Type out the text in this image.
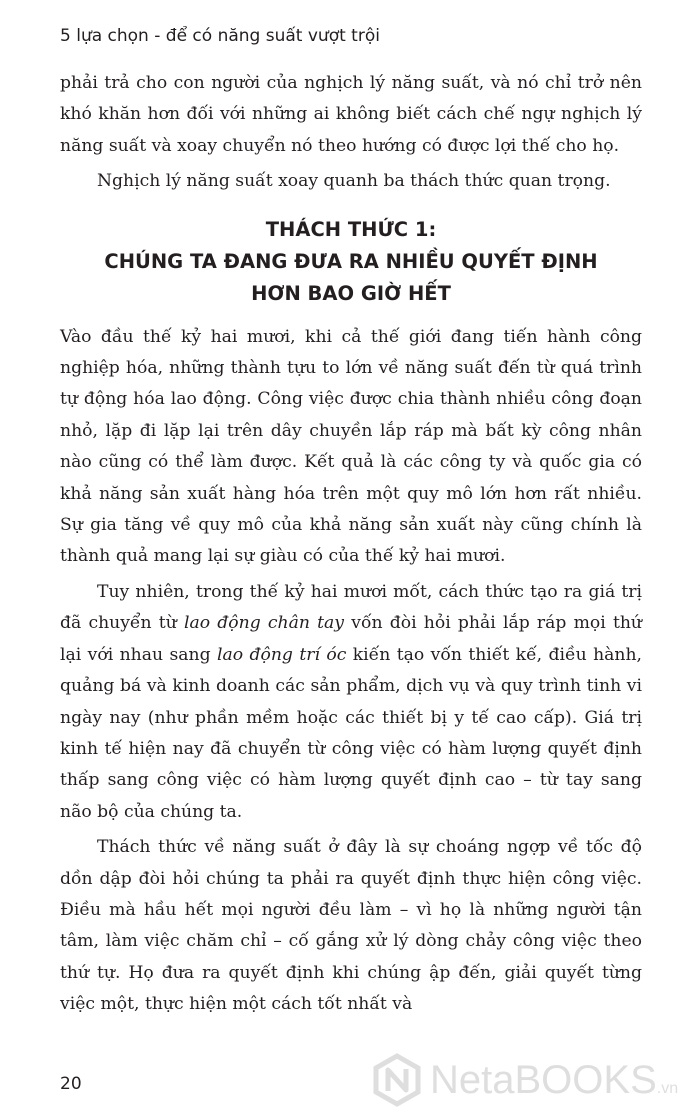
5 lựa chọn - để có năng suất vượt trội

phải trả cho con người của nghịch lý năng suất, và nó chỉ trở nên khó khăn hơn đối với những ai không biết cách chế ngự nghịch lý năng suất và xoay chuyển nó theo hướng có được lợi thế cho họ.

Nghịch lý năng suất xoay quanh ba thách thức quan trọng.

THÁCH THỨC 1:
CHÚNG TA ĐANG ĐƯA RA NHIỀU QUYẾT ĐỊNH
HƠN BAO GIỜ HẾT

Vào đầu thế kỷ hai mươi, khi cả thế giới đang tiến hành công nghiệp hóa, những thành tựu to lớn về năng suất đến từ quá trình tự động hóa lao động. Công việc được chia thành nhiều công đoạn nhỏ, lặp đi lặp lại trên dây chuyền lắp ráp mà bất kỳ công nhân nào cũng có thể làm được. Kết quả là các công ty và quốc gia có khả năng sản xuất hàng hóa trên một quy mô lớn hơn rất nhiều. Sự gia tăng về quy mô của khả năng sản xuất này cũng chính là thành quả mang lại sự giàu có của thế kỷ hai mươi.

Tuy nhiên, trong thế kỷ hai mươi mốt, cách thức tạo ra giá trị đã chuyển từ lao động chân tay vốn đòi hỏi phải lắp ráp mọi thứ lại với nhau sang lao động trí óc kiến tạo vốn thiết kế, điều hành, quảng bá và kinh doanh các sản phẩm, dịch vụ và quy trình tinh vi ngày nay (như phần mềm hoặc các thiết bị y tế cao cấp). Giá trị kinh tế hiện nay đã chuyển từ công việc có hàm lượng quyết định thấp sang công việc có hàm lượng quyết định cao – từ tay sang não bộ của chúng ta.

Thách thức về năng suất ở đây là sự choáng ngợp về tốc độ dồn dập đòi hỏi chúng ta phải ra quyết định thực hiện công việc. Điều mà hầu hết mọi người đều làm – vì họ là những người tận tâm, làm việc chăm chỉ – cố gắng xử lý dòng chảy công việc theo thứ tự. Họ đưa ra quyết định khi chúng ập đến, giải quyết từng việc một, thực hiện một cách tốt nhất và

20	NetaBOOKS.vn
